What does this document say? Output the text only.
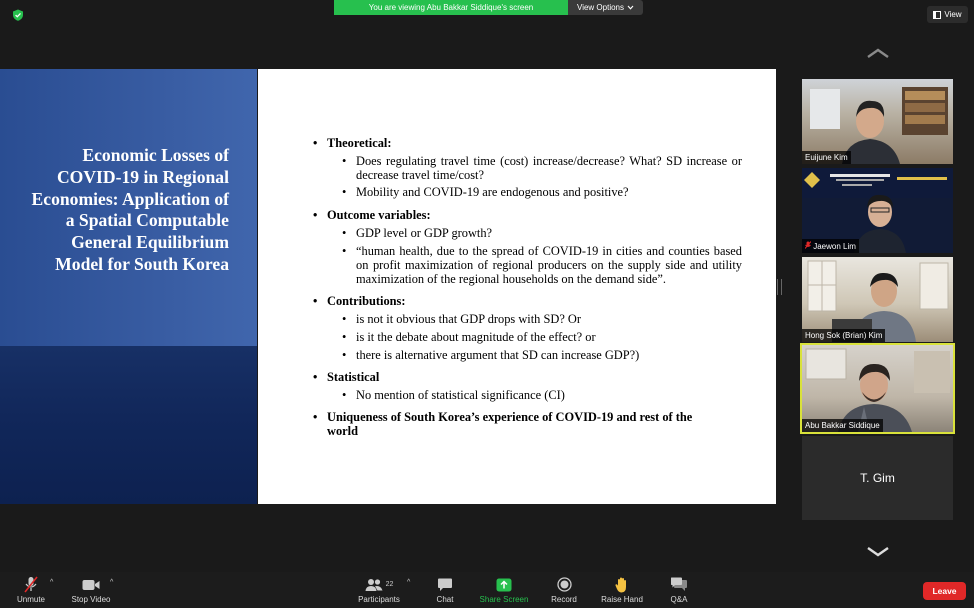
You are viewing Abu Bakkar Siddique's screen	View Options
View
Economic Losses of COVID-19 in Regional Economies: Application of a Spatial Computable General Equilibrium Model for South Korea
• Theoretical:
• Does regulating travel time (cost) increase/decrease? What? SD increase or decrease travel time/cost?
• Mobility and COVID-19 are endogenous and positive?
• Outcome variables:
• GDP level or GDP growth?
• “human health, due to the spread of COVID-19 in cities and counties based on profit maximization of regional producers on the supply side and utility maximization of the regional households on the demand side”.
• Contributions:
• is not it obvious that GDP drops with SD? Or
• is it the debate about magnitude of the effect? or
• there is alternative argument that SD can increase GDP?)
• Statistical
• No mention of statistical significance (CI)
• Uniqueness of South Korea’s experience of COVID-19 and rest of the world
Euijune Kim
Jaewon Lim
Hong Sok (Brian) Kim
Abu Bakkar Siddique
T. Gim
Unmute
^
Stop Video
^	22
Participants
^
Chat	Share Screen	Record	Raise Hand	Q&A
Leave
